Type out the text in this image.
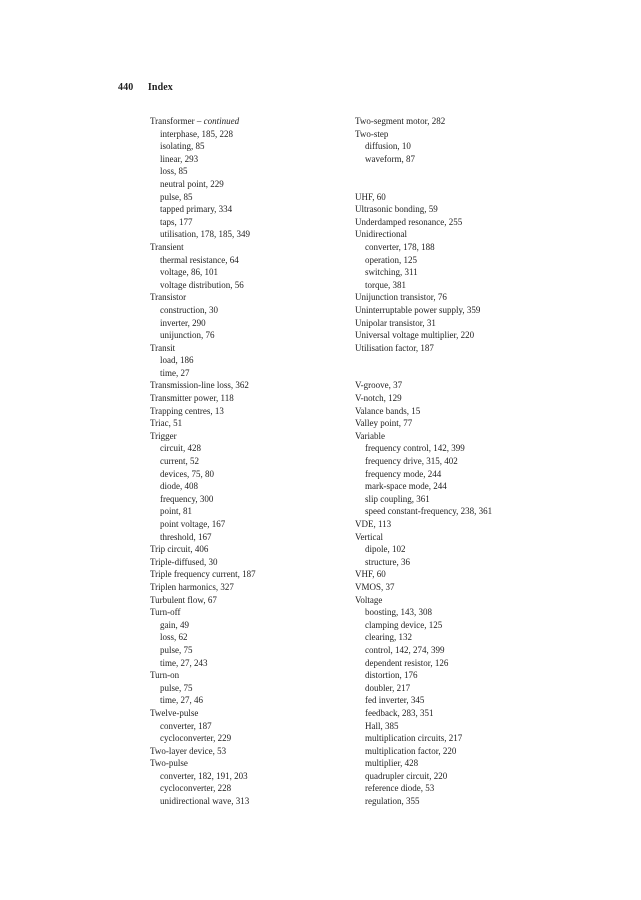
440 Index
Transformer – continued
interphase, 185, 228
isolating, 85
linear, 293
loss, 85
neutral point, 229
pulse, 85
tapped primary, 334
taps, 177
utilisation, 178, 185, 349
Transient
thermal resistance, 64
voltage, 86, 101
voltage distribution, 56
Transistor
construction, 30
inverter, 290
unijunction, 76
Transit
load, 186
time, 27
Transmission-line loss, 362
Transmitter power, 118
Trapping centres, 13
Triac, 51
Trigger
circuit, 428
current, 52
devices, 75, 80
diode, 408
frequency, 300
point, 81
point voltage, 167
threshold, 167
Trip circuit, 406
Triple-diffused, 30
Triple frequency current, 187
Triplen harmonics, 327
Turbulent flow, 67
Turn-off
gain, 49
loss, 62
pulse, 75
time, 27, 243
Turn-on
pulse, 75
time, 27, 46
Twelve-pulse
converter, 187
cycloconverter, 229
Two-layer device, 53
Two-pulse
converter, 182, 191, 203
cycloconverter, 228
unidirectional wave, 313
Two-segment motor, 282
Two-step
diffusion, 10
waveform, 87
UHF, 60
Ultrasonic bonding, 59
Underdamped resonance, 255
Unidirectional
converter, 178, 188
operation, 125
switching, 311
torque, 381
Unijunction transistor, 76
Uninterruptable power supply, 359
Unipolar transistor, 31
Universal voltage multiplier, 220
Utilisation factor, 187
V-groove, 37
V-notch, 129
Valance bands, 15
Valley point, 77
Variable
frequency control, 142, 399
frequency drive, 315, 402
frequency mode, 244
mark-space mode, 244
slip coupling, 361
speed constant-frequency, 238, 361
VDE, 113
Vertical
dipole, 102
structure, 36
VHF, 60
VMOS, 37
Voltage
boosting, 143, 308
clamping device, 125
clearing, 132
control, 142, 274, 399
dependent resistor, 126
distortion, 176
doubler, 217
fed inverter, 345
feedback, 283, 351
Hall, 385
multiplication circuits, 217
multiplication factor, 220
multiplier, 428
quadrupler circuit, 220
reference diode, 53
regulation, 355
